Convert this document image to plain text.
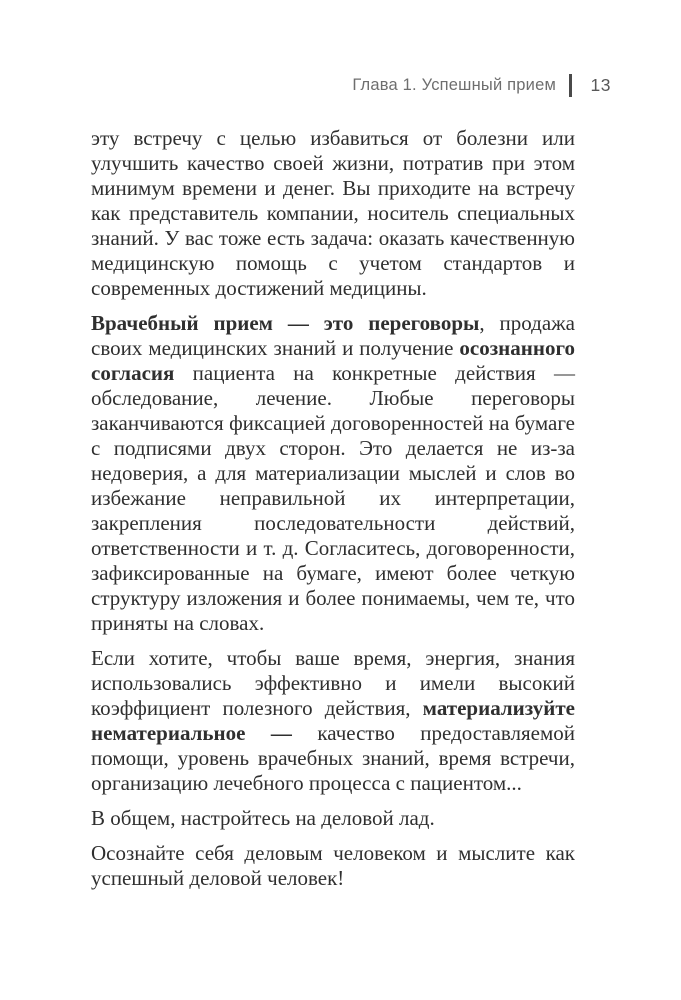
Глава 1. Успешный прием 13

эту встречу с целью избавиться от болезни или улучшить качество своей жизни, потратив при этом минимум времени и денег. Вы приходите на встречу как представитель компании, носитель специальных знаний. У вас тоже есть задача: оказать качественную медицинскую помощь с учетом стандартов и современных достижений медицины.

Врачебный прием — это переговоры, продажа своих медицинских знаний и получение осознанного согласия пациента на конкретные действия — обследование, лечение. Любые переговоры заканчиваются фиксацией договоренностей на бумаге с подписями двух сторон. Это делается не из-за недоверия, а для материализации мыслей и слов во избежание неправильной их интерпретации, закрепления последовательности действий, ответственности и т. д. Согласитесь, договоренности, зафиксированные на бумаге, имеют более четкую структуру изложения и более понимаемы, чем те, что приняты на словах.

Если хотите, чтобы ваше время, энергия, знания использовались эффективно и имели высокий коэффициент полезного действия, материализуйте нематериальное — качество предоставляемой помощи, уровень врачебных знаний, время встречи, организацию лечебного процесса с пациентом...

В общем, настройтесь на деловой лад.

Осознайте себя деловым человеком и мыслите как успешный деловой человек!
